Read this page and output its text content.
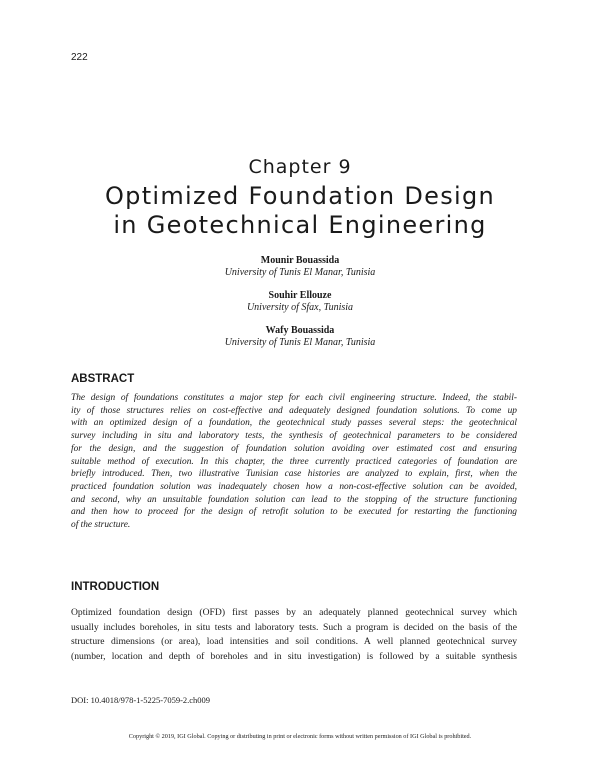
222
Chapter 9
Optimized Foundation Design
in Geotechnical Engineering
Mounir Bouassida
University of Tunis El Manar, Tunisia
Souhir Ellouze
University of Sfax, Tunisia
Wafy Bouassida
University of Tunis El Manar, Tunisia
ABSTRACT
The design of foundations constitutes a major step for each civil engineering structure. Indeed, the stabil-
ity of those structures relies on cost-effective and adequately designed foundation solutions. To come up
with an optimized design of a foundation, the geotechnical study passes several steps: the geotechnical
survey including in situ and laboratory tests, the synthesis of geotechnical parameters to be considered
for the design, and the suggestion of foundation solution avoiding over estimated cost and ensuring
suitable method of execution. In this chapter, the three currently practiced categories of foundation are
briefly introduced. Then, two illustrative Tunisian case histories are analyzed to explain, first, when the
practiced foundation solution was inadequately chosen how a non-cost-effective solution can be avoided,
and second, why an unsuitable foundation solution can lead to the stopping of the structure functioning
and then how to proceed for the design of retrofit solution to be executed for restarting the functioning
of the structure.
INTRODUCTION
Optimized foundation design (OFD) first passes by an adequately planned geotechnical survey which
usually includes boreholes, in situ tests and laboratory tests. Such a program is decided on the basis of the
structure dimensions (or area), load intensities and soil conditions. A well planned geotechnical survey
(number, location and depth of boreholes and in situ investigation) is followed by a suitable synthesis
DOI: 10.4018/978-1-5225-7059-2.ch009
Copyright © 2019, IGI Global. Copying or distributing in print or electronic forms without written permission of IGI Global is prohibited.
